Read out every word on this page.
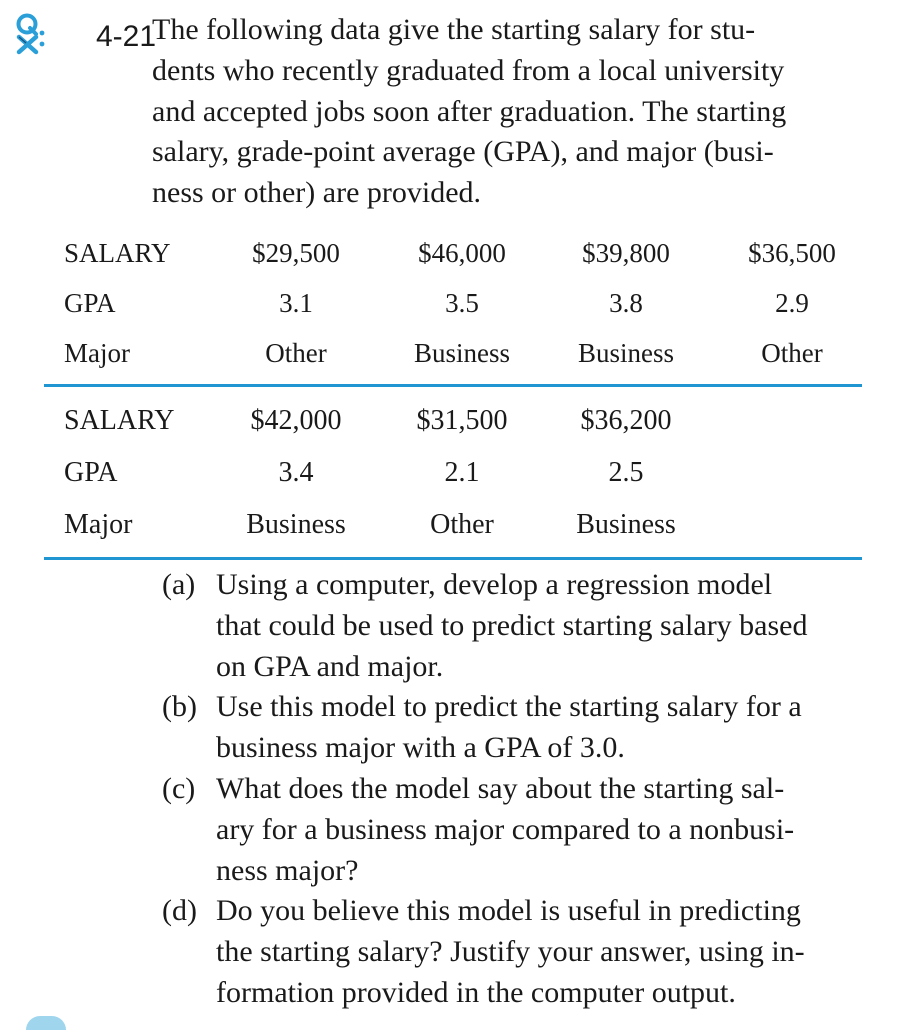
4-21
The following data give the starting salary for stu-
dents who recently graduated from a local university
and accepted jobs soon after graduation. The starting
salary, grade-point average (GPA), and major (busi-
ness or other) are provided.
SALARY	$29,500	$46,000	$39,800	$36,500
GPA	3.1	3.5	3.8	2.9
Major	Other	Business	Business	Other
SALARY	$42,000	$31,500	$36,200
GPA	3.4	2.1	2.5
Major	Business	Other	Business
(a) Using a computer, develop a regression model
that could be used to predict starting salary based
on GPA and major.
(b) Use this model to predict the starting salary for a
business major with a GPA of 3.0.
(c) What does the model say about the starting sal-
ary for a business major compared to a nonbusi-
ness major?
(d) Do you believe this model is useful in predicting
the starting salary? Justify your answer, using in-
formation provided in the computer output.
